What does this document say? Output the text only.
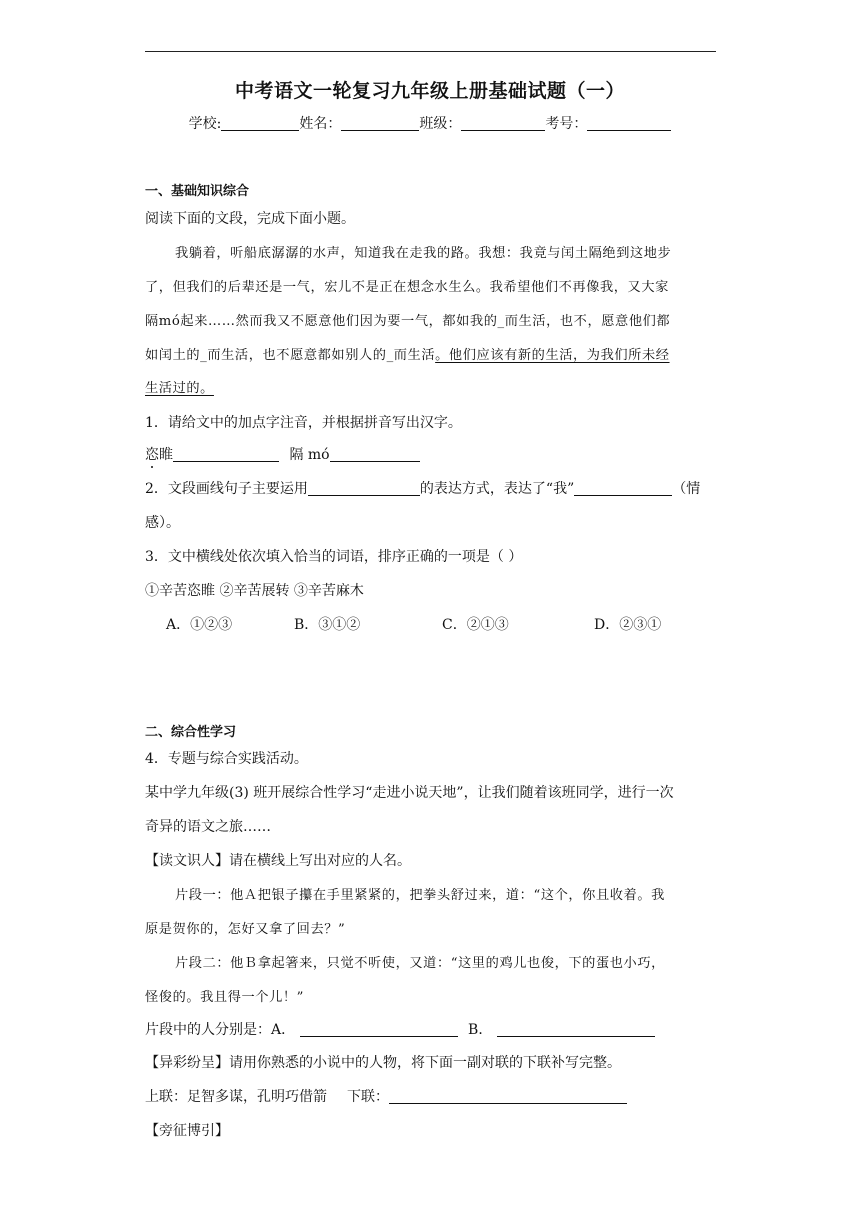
中考语文一轮复习九年级上册基础试题（一）
学校:	姓名：	班级：	考号：
一、基础知识综合
阅读下面的文段，完成下面小题。
我躺着，听船底潺潺的水声，知道我在走我的路。我想：我竟与闰土隔绝到这地步
了，但我们的后辈还是一气，宏儿不是正在想念水生么。我希望他们不再像我，又大家
隔mó起来……然而我又不愿意他们因为要一气，都如我的_而生活，也不，愿意他们都
如闰土的_而生活，也不愿意都如别人的_而生活。他们应该有新的生活，为我们所未经
生活过的。
1．请给文中的加点字注音，并根据拼音写出汉字。
恣睢	隔 mó
2．文段画线句子主要运用	的表达方式，表达了“我”	（情
感）。
3．文中横线处依次填入恰当的词语，排序正确的一项是（ ）
①辛苦恣睢 ②辛苦展转 ③辛苦麻木
A．①②③	B．③①②	C．②①③	D．②③①
二、综合性学习
4．专题与综合实践活动。
某中学九年级(3) 班开展综合性学习“走进小说天地”，让我们随着该班同学，进行一次
奇异的语文之旅……
【读文识人】请在横线上写出对应的人名。
片段一：他Ａ把银子攥在手里紧紧的，把拳头舒过来，道：“这个，你且收着。我
原是贺你的，怎好又拿了回去？”
片段二：他Ｂ拿起箸来，只觉不听使，又道：“这里的鸡儿也俊，下的蛋也小巧，
怪俊的。我且得一个儿！”
片段中的人分别是：A．	B．
【异彩纷呈】请用你熟悉的小说中的人物，将下面一副对联的下联补写完整。
上联：足智多谋，孔明巧借箭 下联：
【旁征博引】
